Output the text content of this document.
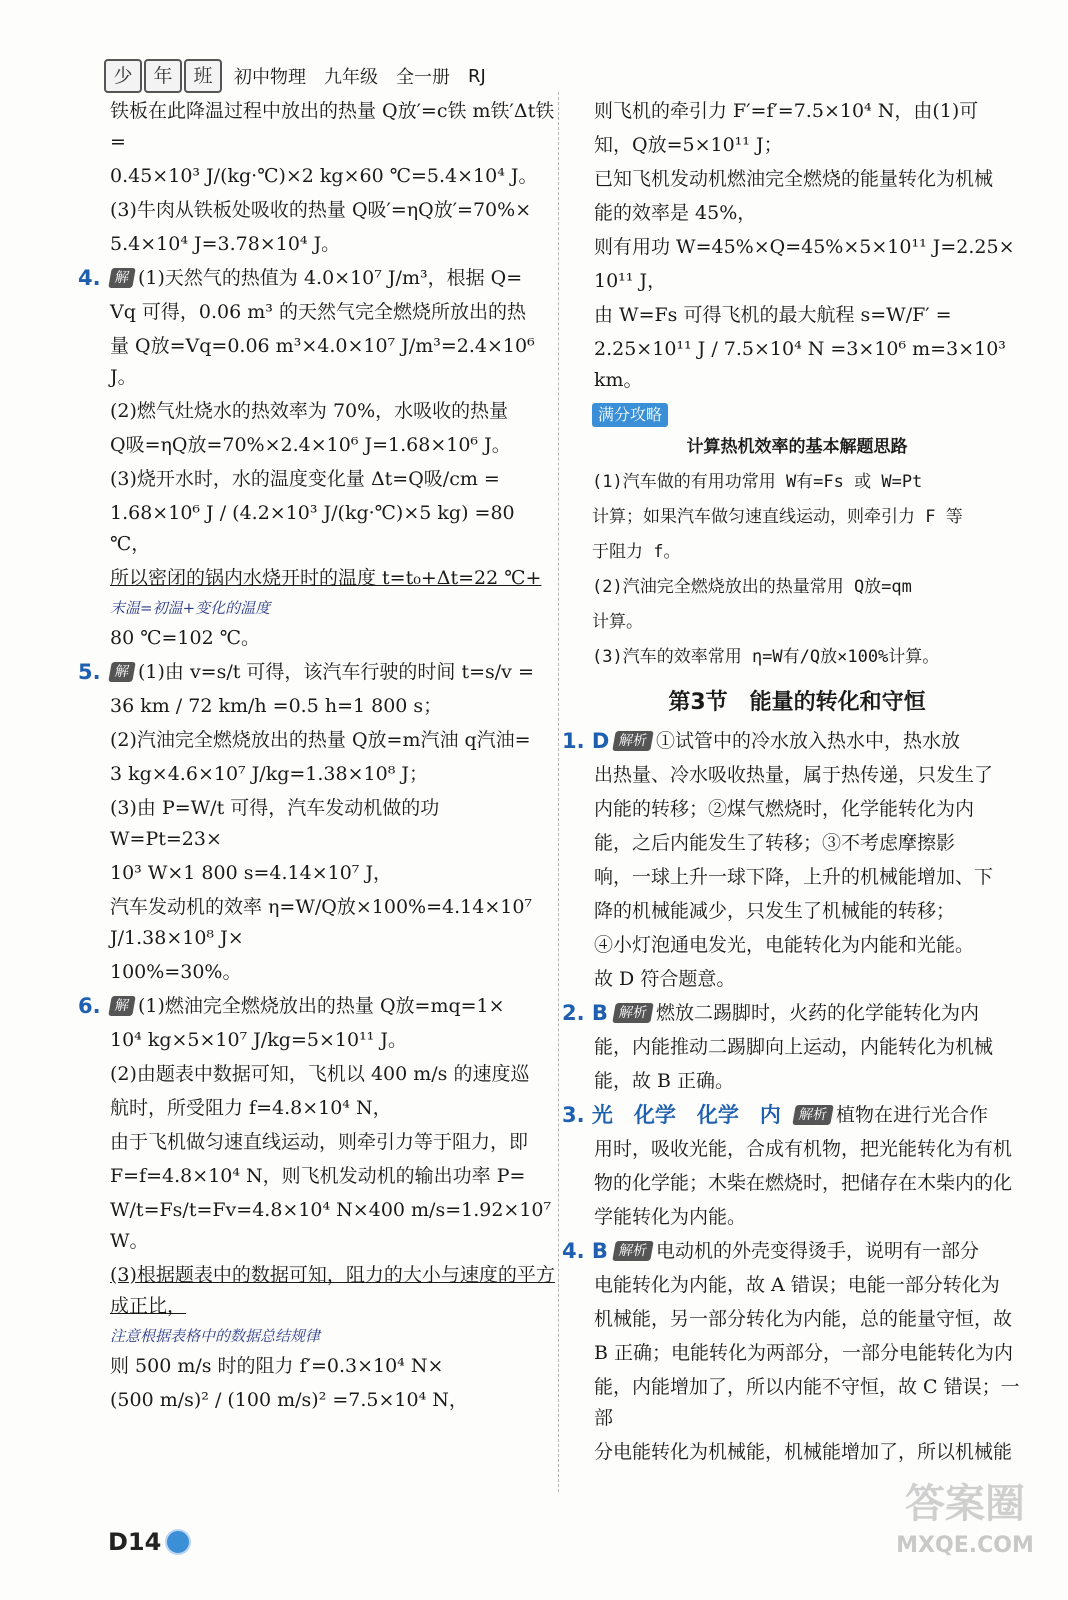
少	年	班	初中物理 九年级 全一册 RJ
铁板在此降温过程中放出的热量 Q放′=c铁 m铁′Δt铁 =
0.45×10³ J/(kg·℃)×2 kg×60 ℃=5.4×10⁴ J。
(3)牛肉从铁板处吸收的热量 Q吸′=ηQ放′=70%×
5.4×10⁴ J=3.78×10⁴ J。
4. 解 (1)天然气的热值为 4.0×10⁷ J/m³，根据 Q=
Vq 可得，0.06 m³ 的天然气完全燃烧所放出的热
量 Q放=Vq=0.06 m³×4.0×10⁷ J/m³=2.4×10⁶ J。
(2)燃气灶烧水的热效率为 70%，水吸收的热量
Q吸=ηQ放=70%×2.4×10⁶ J=1.68×10⁶ J。
(3)烧开水时，水的温度变化量 Δt=Q吸/cm =
1.68×10⁶ J / (4.2×10³ J/(kg·℃)×5 kg) =80 ℃，
所以密闭的锅内水烧开时的温度 t=t₀+Δt=22 ℃+
末温=初温+变化的温度
80 ℃=102 ℃。
5. 解 (1)由 v=s/t 可得，该汽车行驶的时间 t=s/v =
36 km / 72 km/h =0.5 h=1 800 s；
(2)汽油完全燃烧放出的热量 Q放=m汽油 q汽油=
3 kg×4.6×10⁷ J/kg=1.38×10⁸ J；
(3)由 P=W/t 可得，汽车发动机做的功 W=Pt=23×
10³ W×1 800 s=4.14×10⁷ J，
汽车发动机的效率 η=W/Q放×100%=4.14×10⁷ J/1.38×10⁸ J×
100%=30%。
6. 解 (1)燃油完全燃烧放出的热量 Q放=mq=1×
10⁴ kg×5×10⁷ J/kg=5×10¹¹ J。
(2)由题表中数据可知，飞机以 400 m/s 的速度巡
航时，所受阻力 f=4.8×10⁴ N，
由于飞机做匀速直线运动，则牵引力等于阻力，即
F=f=4.8×10⁴ N，则飞机发动机的输出功率 P=
W/t=Fs/t=Fv=4.8×10⁴ N×400 m/s=1.92×10⁷ W。
(3)根据题表中的数据可知，阻力的大小与速度的平方成正比，
注意根据表格中的数据总结规律
则 500 m/s 时的阻力 f′=0.3×10⁴ N×
(500 m/s)² / (100 m/s)² =7.5×10⁴ N，
则飞机的牵引力 F′=f′=7.5×10⁴ N，由(1)可
知，Q放=5×10¹¹ J；
已知飞机发动机燃油完全燃烧的能量转化为机械
能的效率是 45%，
则有用功 W=45%×Q=45%×5×10¹¹ J=2.25×
10¹¹ J，
由 W=Fs 可得飞机的最大航程 s=W/F′ =
2.25×10¹¹ J / 7.5×10⁴ N =3×10⁶ m=3×10³ km。
满分攻略
计算热机效率的基本解题思路
(1)汽车做的有用功常用 W有=Fs 或 W=Pt
计算；如果汽车做匀速直线运动，则牵引力 F 等
于阻力 f。
(2)汽油完全燃烧放出的热量常用 Q放=qm
计算。
(3)汽车的效率常用 η=W有/Q放×100%计算。
第3节　能量的转化和守恒
1. D 解析 ①试管中的冷水放入热水中，热水放
出热量、冷水吸收热量，属于热传递，只发生了
内能的转移；②煤气燃烧时，化学能转化为内
能，之后内能发生了转移；③不考虑摩擦影
响，一球上升一球下降，上升的机械能增加、下
降的机械能减少，只发生了机械能的转移；
④小灯泡通电发光，电能转化为内能和光能。
故 D 符合题意。
2. B 解析 燃放二踢脚时，火药的化学能转化为内
能，内能推动二踢脚向上运动，内能转化为机械
能，故 B 正确。
3. 光　化学　化学　内 解析 植物在进行光合作
用时，吸收光能，合成有机物，把光能转化为有机
物的化学能；木柴在燃烧时，把储存在木柴内的化
学能转化为内能。
4. B 解析 电动机的外壳变得烫手，说明有一部分
电能转化为内能，故 A 错误；电能一部分转化为
机械能，另一部分转化为内能，总的能量守恒，故
B 正确；电能转化为两部分，一部分电能转化为内
能，内能增加了，所以内能不守恒，故 C 错误；一部
分电能转化为机械能，机械能增加了，所以机械能
D14
答案圈
MXQE.COM
